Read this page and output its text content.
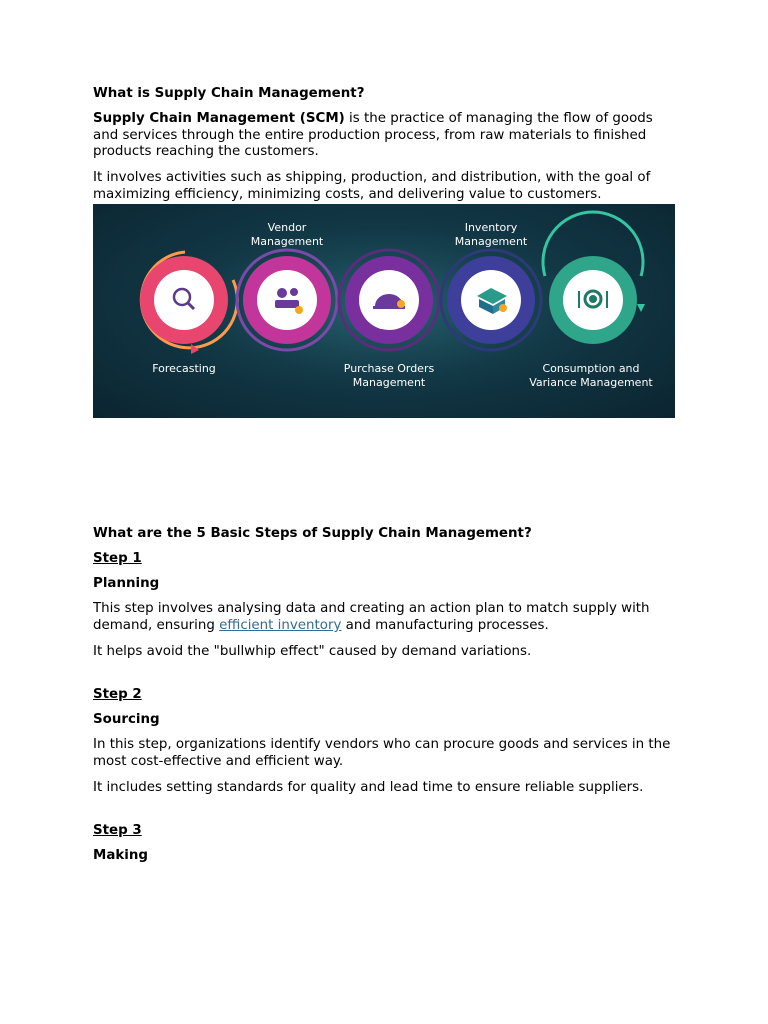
What is Supply Chain Management?

Supply Chain Management (SCM) is the practice of managing the flow of goods and services through the entire production process, from raw materials to finished products reaching the customers.

It involves activities such as shipping, production, and distribution, with the goal of maximizing efficiency, minimizing costs, and delivering value to customers.

Vendor
Management
Inventory
Management
Forecasting	Purchase Orders
Management
Consumption and
Variance Management

What are the 5 Basic Steps of Supply Chain Management?

Step 1

Planning

This step involves analysing data and creating an action plan to match supply with demand, ensuring efficient inventory and manufacturing processes.

It helps avoid the "bullwhip effect" caused by demand variations.

Step 2

Sourcing

In this step, organizations identify vendors who can procure goods and services in the most cost-effective and efficient way.

It includes setting standards for quality and lead time to ensure reliable suppliers.

Step 3

Making
